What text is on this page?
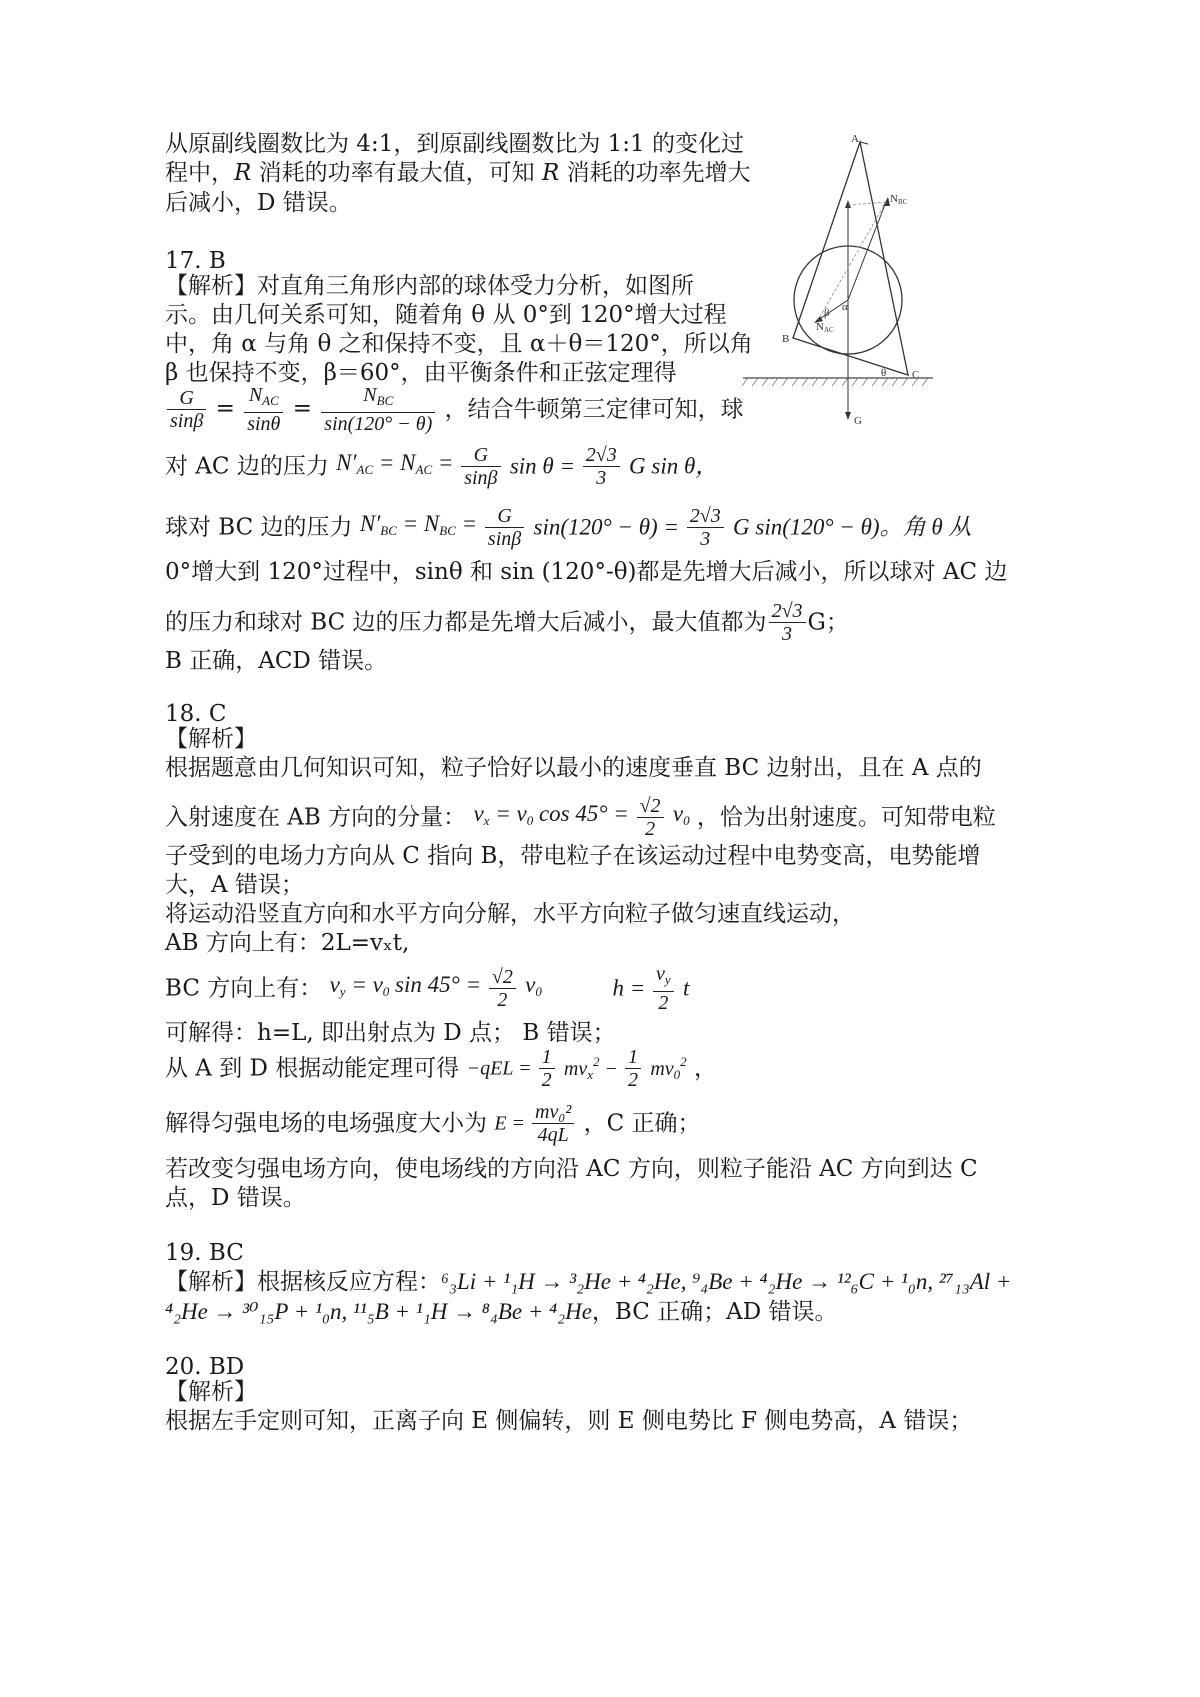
从原副线圈数比为 4:1，到原副线圈数比为 1:1 的变化过
程中，R 消耗的功率有最大值，可知 R 消耗的功率先增大
后减小，D 错误。
17. B
【解析】对直角三角形内部的球体受力分析，如图所
示。由几何关系可知，随着角 θ 从 0°到 120°增大过程
中，角 α 与角 θ 之和保持不变，且 α＋θ＝120°，所以角
β 也保持不变，β＝60°，由平衡条件和正弦定理得
$\frac{G}{\sin\beta} = \frac{N_{AC}}{\sin\theta} = \frac{N_{BC}}{\sin(120^\circ - \theta)}$ ，结合牛顿第三定律可知，球
对 AC 边的压力 $N'_{AC} = N_{AC} = \frac{G}{\sin\beta}$ $\sin \theta = \frac{2√3}{3}$ G sin θ，
球对 BC 边的压力 $N'_{BC} = N_{BC} = \frac{G}{\sin\beta} \sin(120^\circ - \theta) = \frac{2√3}{3}$ G sin(120° − θ)。角 θ 从
0°增大到 120°过程中，sinθ 和 sin (120°-θ)都是先增大后减小，所以球对 AC 边
的压力和球对 BC 边的压力都是先增大后减小，最大值都为 $\frac{2√3}{3}$ G；
B 正确，ACD 错误。
A
B
C
G
NBC
NAC
α
β
θ
18. C
【解析】
根据题意由几何知识可知，粒子恰好以最小的速度垂直 BC 边射出，且在 A 点的
入射速度在 AB 方向的分量： $v_x = v_0$ $\cos 45^\circ = \frac{√2}{2} v_0$ ，恰为出射速度。可知带电粒
子受到的电场力方向从 C 指向 B，带电粒子在该运动过程中电势变高，电势能增
大，A 错误；
将运动沿竖直方向和水平方向分解，水平方向粒子做匀速直线运动，
AB 方向上有：2L=vₓt,
BC 方向上有： $v_y = v_0$ $\sin 45^\circ = \frac{√2}{2} v_0$	$h = \frac{v_y}{2}$ t
可解得：h=L, 即出射点为 D 点； B 错误；
从 A 到 D 根据动能定理可得 $-qEL = \frac{1}{2} mv_x^2 - \frac{1}{2} mv_0^2$ ，
解得匀强电场的电场强度大小为 $E = \frac{\text{mv₀²}}{4qL}$ ，C 正确；
若改变匀强电场方向，使电场线的方向沿 AC 方向，则粒子能沿 AC 方向到达 C
点，D 错误。
19. BC
【解析】根据核反应方程：⁶₃Li + ¹₁H → ³₂He + ⁴₂He, ⁹₄Be + ⁴₂He → ¹²₆C + ¹₀n, ²⁷₁₃Al +
⁴₂He → ³⁰₁₅P + ¹₀n, ¹¹₅B + ¹₁H → ⁸₄Be + ⁴₂He，BC 正确；AD 错误。
20. BD
【解析】
根据左手定则可知，正离子向 E 侧偏转，则 E 侧电势比 F 侧电势高，A 错误；
